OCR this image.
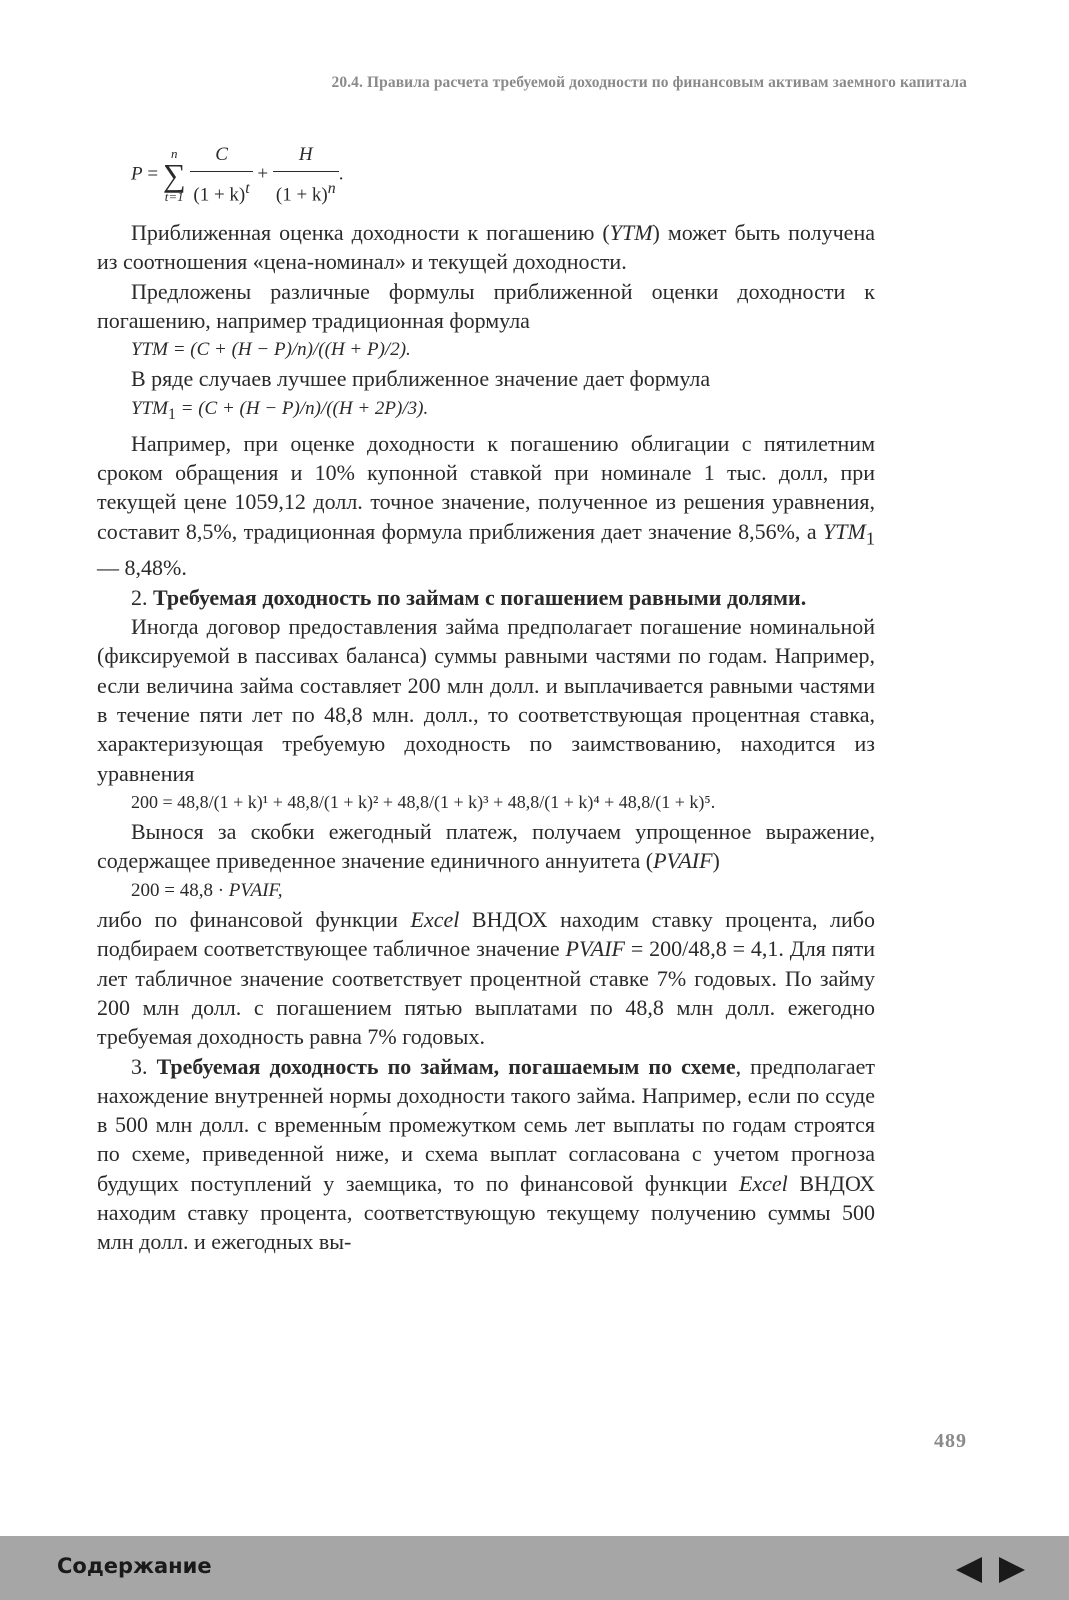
20.4. Правила расчета требуемой доходности по финансовым активам заемного капитала
P = n
∑
$t=1 \frac{C}{(1 + k)^t} + \frac{H}{(1 + k)^n}$ .

Приближенная оценка доходности к погашению (YTM) может быть получена из соотношения «цена-номинал» и текущей доходности.

Предложены различные формулы приближенной оценки доходности к погашению, например традиционная формула

YTM = (C + (H − P)/n)/((H + P)/2).

В ряде случаев лучшее приближенное значение дает формула

$YTM_1 = (C + (H - P)/n)/((H + 2P)/3)$.

Например, при оценке доходности к погашению облигации с пятилетним сроком обращения и 10% купонной ставкой при номинале 1 тыс. долл, при текущей цене 1059,12 долл. точное значение, полученное из решения уравнения, составит 8,5%, традиционная формула приближения дает значение 8,56%, а $YTM_1$ — 8,48%.

2. Требуемая доходность по займам с погашением равными долями.

Иногда договор предоставления займа предполагает погашение номинальной (фиксируемой в пассивах баланса) суммы равными частями по годам. Например, если величина займа составляет 200 млн долл. и выплачивается равными частями в течение пяти лет по 48,8 млн. долл., то соответствующая процентная ставка, характеризующая требуемую доходность по заимствованию, находится из уравнения

200 = 48,8/(1 + k)¹ + 48,8/(1 + k)² + 48,8/(1 + k)³ + 48,8/(1 + k)⁴ + 48,8/(1 + k)⁵.

Вынося за скобки ежегодный платеж, получаем упрощенное выражение, содержащее приведенное значение единичного аннуитета (PVAIF)

200 = 48,8 · PVAIF,

либо по финансовой функции Excel ВНДОХ находим ставку процента, либо подбираем соответствующее табличное значение PVAIF = 200/48,8 = 4,1. Для пяти лет табличное значение соответствует процентной ставке 7% годовых. По займу 200 млн долл. с погашением пятью выплатами по 48,8 млн долл. ежегодно требуемая доходность равна 7% годовых.

3. Требуемая доходность по займам, погашаемым по схеме, предполагает нахождение внутренней нормы доходности такого займа. Например, если по ссуде в 500 млн долл. с временны́м промежутком семь лет выплаты по годам строятся по схеме, приведенной ниже, и схема выплат согласована с учетом прогноза будущих поступлений у заемщика, то по финансовой функции Excel ВНДОХ находим ставку процента, соответствующую текущему получению суммы 500 млн долл. и ежегодных вы-

489
Содержание
